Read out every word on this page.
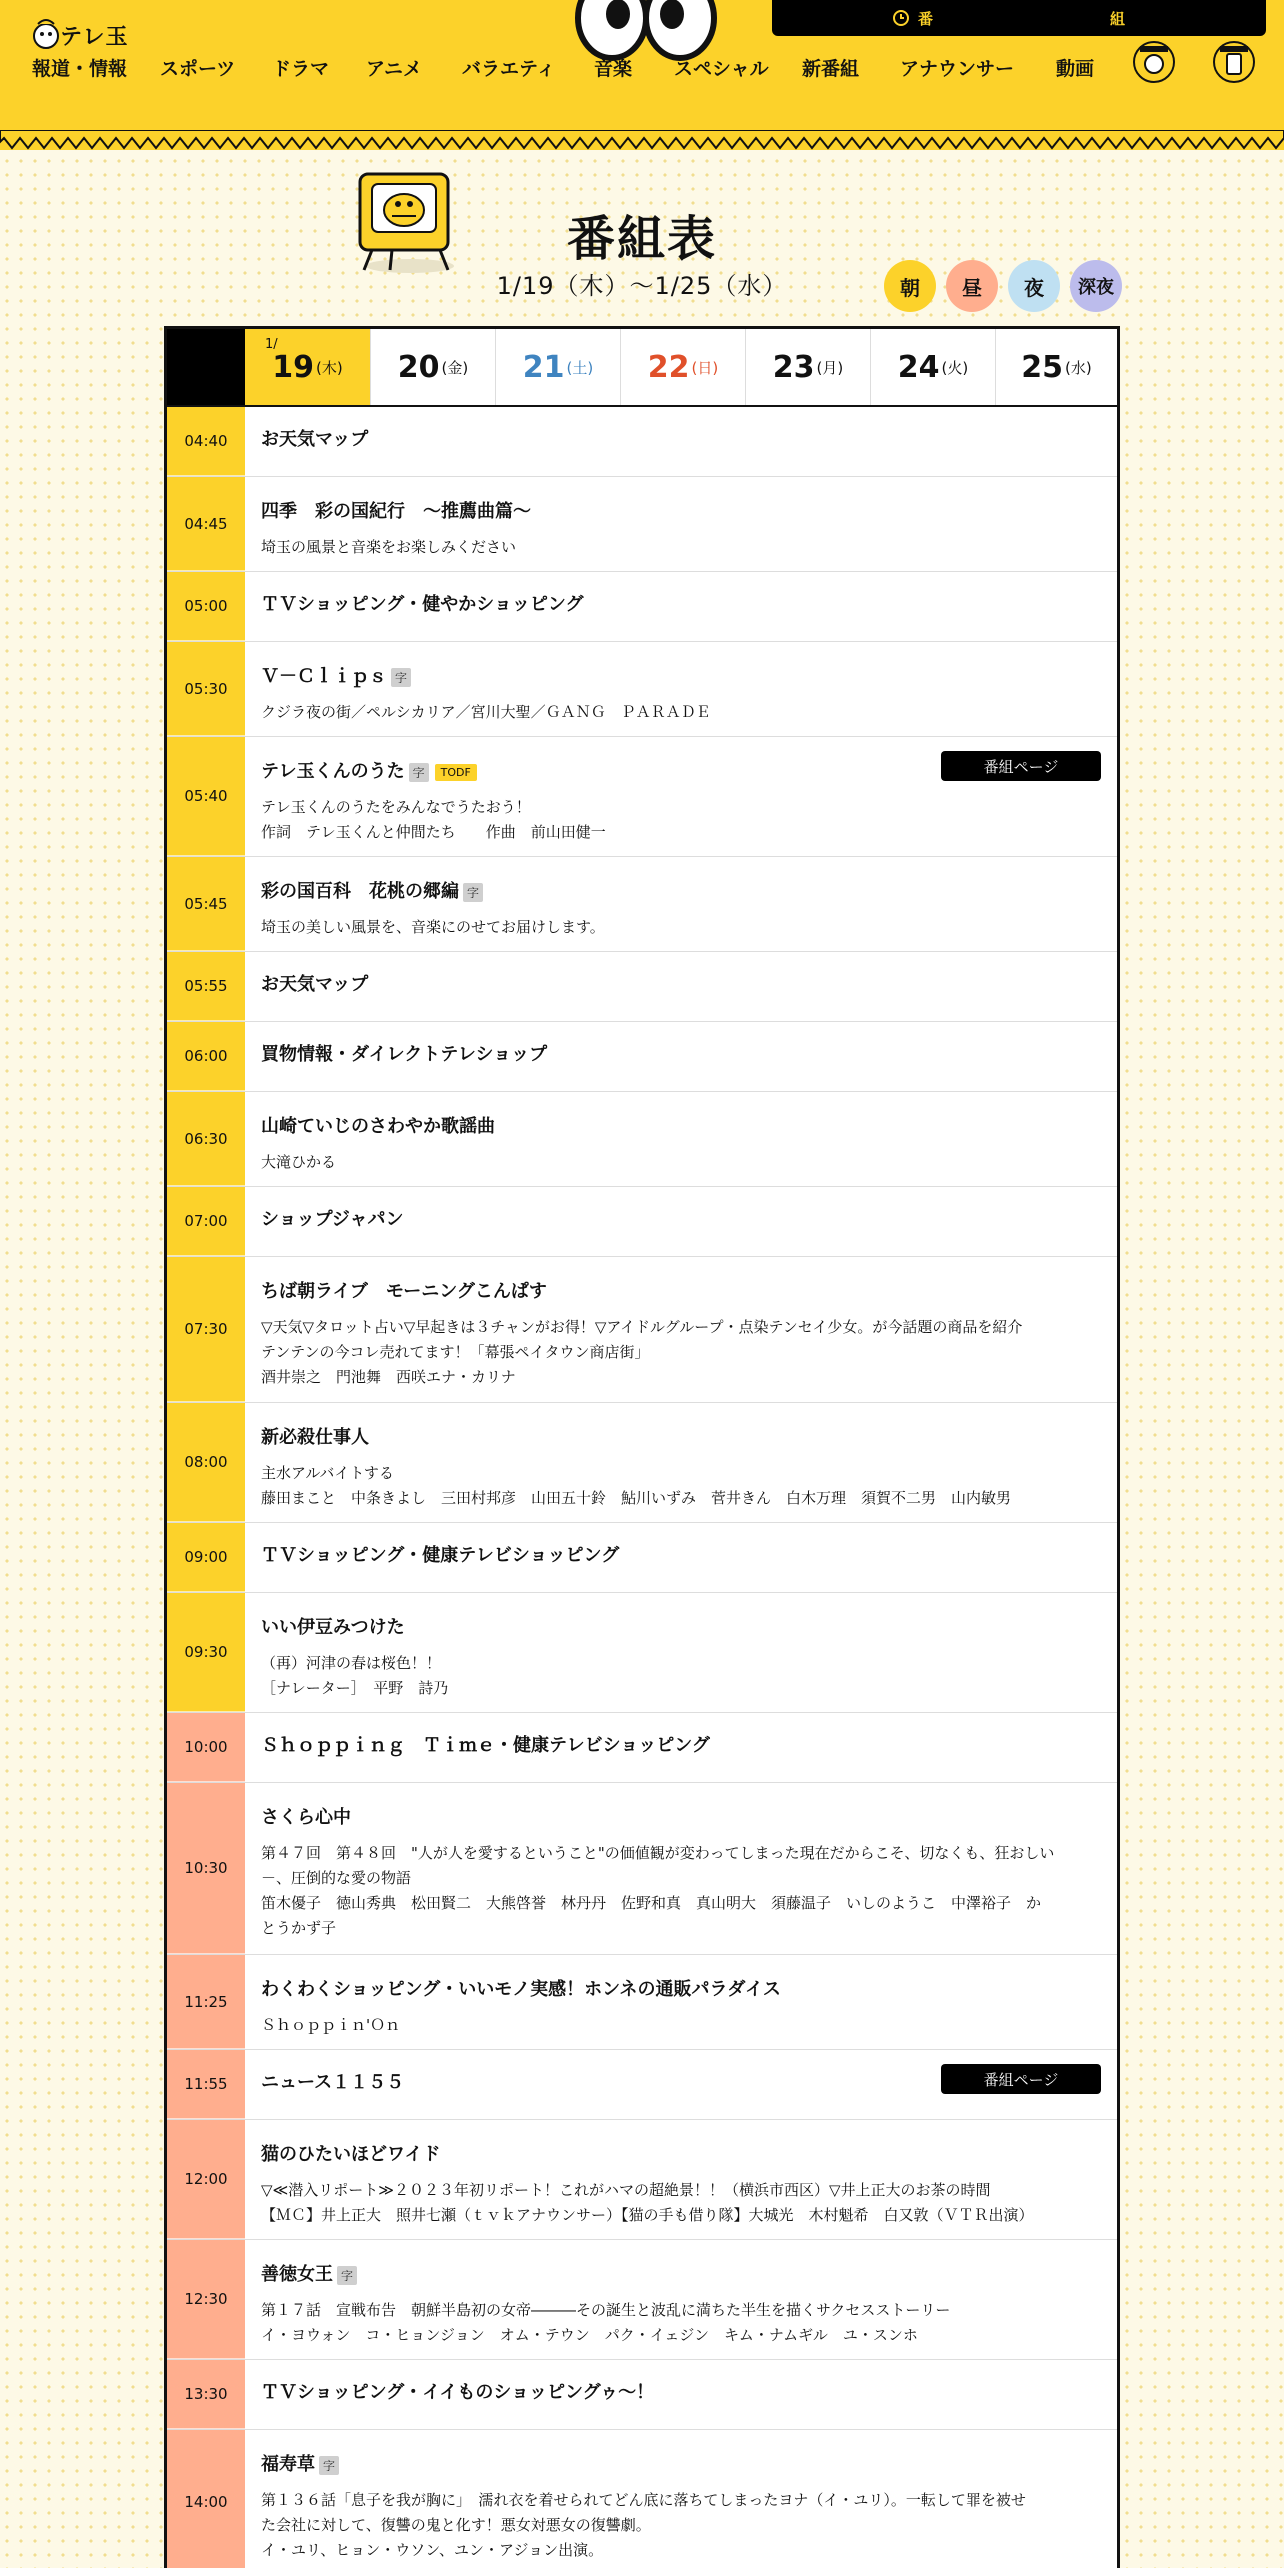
テレ玉
番	組
報道・情報 スポーツ ドラマ アニメ バラエティ 音楽 スペシャル 新番組 アナウンサー 動画
番組表
1/19（木）〜1/25（水）	朝	昼	夜	深夜
1/
19 (木) 20 (金) 21 (土) 22 (日) 23 (月) 24 (火) 25 (水)
04:40	お天気マップ
04:45
四季　彩の国紀行　～推薦曲篇～
埼玉の風景と音楽をお楽しみください
05:00	ＴＶショッピング・健やかショッピング
05:30
Ｖ－Ｃｌｉｐｓ 字
クジラ夜の街／ペルシカリア／宮川大聖／ＧＡＮＧ　ＰＡＲＡＤＥ
05:40
テレ玉くんのうた 字 TODF
テレ玉くんのうたをみんなでうたおう！
作詞　テレ玉くんと仲間たち　　作曲　前山田健一
番組ページ
05:45
彩の国百科　花桃の郷編 字
埼玉の美しい風景を、音楽にのせてお届けします。
05:55	お天気マップ
06:00	買物情報・ダイレクトテレショップ
06:30
山崎ていじのさわやか歌謡曲
大滝ひかる
07:00	ショップジャパン
07:30
ちば朝ライブ　モーニングこんぱす
▽天気▽タロット占い▽早起きは３チャンがお得！▽アイドルグループ・点染テンセイ少女。が今話題の商品を紹介
テンテンの今コレ売れてます！「幕張ペイタウン商店街」
酒井崇之　門池舞　西咲エナ・カリナ
08:00
新必殺仕事人
主水アルバイトする
藤田まこと　中条きよし　三田村邦彦　山田五十鈴　鮎川いずみ　菅井きん　白木万理　須賀不二男　山内敏男
09:00	ＴＶショッピング・健康テレビショッピング
09:30
いい伊豆みつけた
（再）河津の春は桜色！！
［ナレーター］　平野　詩乃
10:00	Ｓｈｏｐｐｉｎｇ　Ｔｉｍｅ・健康テレビショッピング
10:30
さくら心中
第４７回　第４８回　"人が人を愛するということ"の価値観が変わってしまった現在だからこそ、切なくも、狂おしい
－、圧倒的な愛の物語
笛木優子　徳山秀典　松田賢二　大熊啓誉　林丹丹　佐野和真　真山明大　須藤温子　いしのようこ　中澤裕子　か
とうかず子
11:25
わくわくショッピング・いいモノ実感！ホンネの通販パラダイス
Ｓｈｏｐｐｉｎ'Ｏｎ
11:55	ニュース１１５５	番組ページ
12:00
猫のひたいほどワイド
▽≪潜入リポート≫２０２３年初リポート！これがハマの超絶景！！（横浜市西区）▽井上正大のお茶の時間
【ＭＣ】井上正大　照井七瀬（ｔｖｋアナウンサー）【猫の手も借り隊】大城光　木村魁希　白又敦（ＶＴＲ出演）
12:30
善徳女王 字
第１７話　宣戦布告　朝鮮半島初の女帝―――その誕生と波乱に満ちた半生を描くサクセスストーリー
イ・ヨウォン　コ・ヒョンジョン　オム・テウン　パク・イェジン　キム・ナムギル　ユ・スンホ
13:30	ＴＶショッピング・イイものショッピングゥ～！
14:00
福寿草 字
第１３６話「息子を我が胸に」　濡れ衣を着せられてどん底に落ちてしまったヨナ（イ・ユリ）。一転して罪を被せ
た会社に対して、復讐の鬼と化す！悪女対悪女の復讐劇。
イ・ユリ、ヒョン・ウソン、ユン・アジョン出演。
